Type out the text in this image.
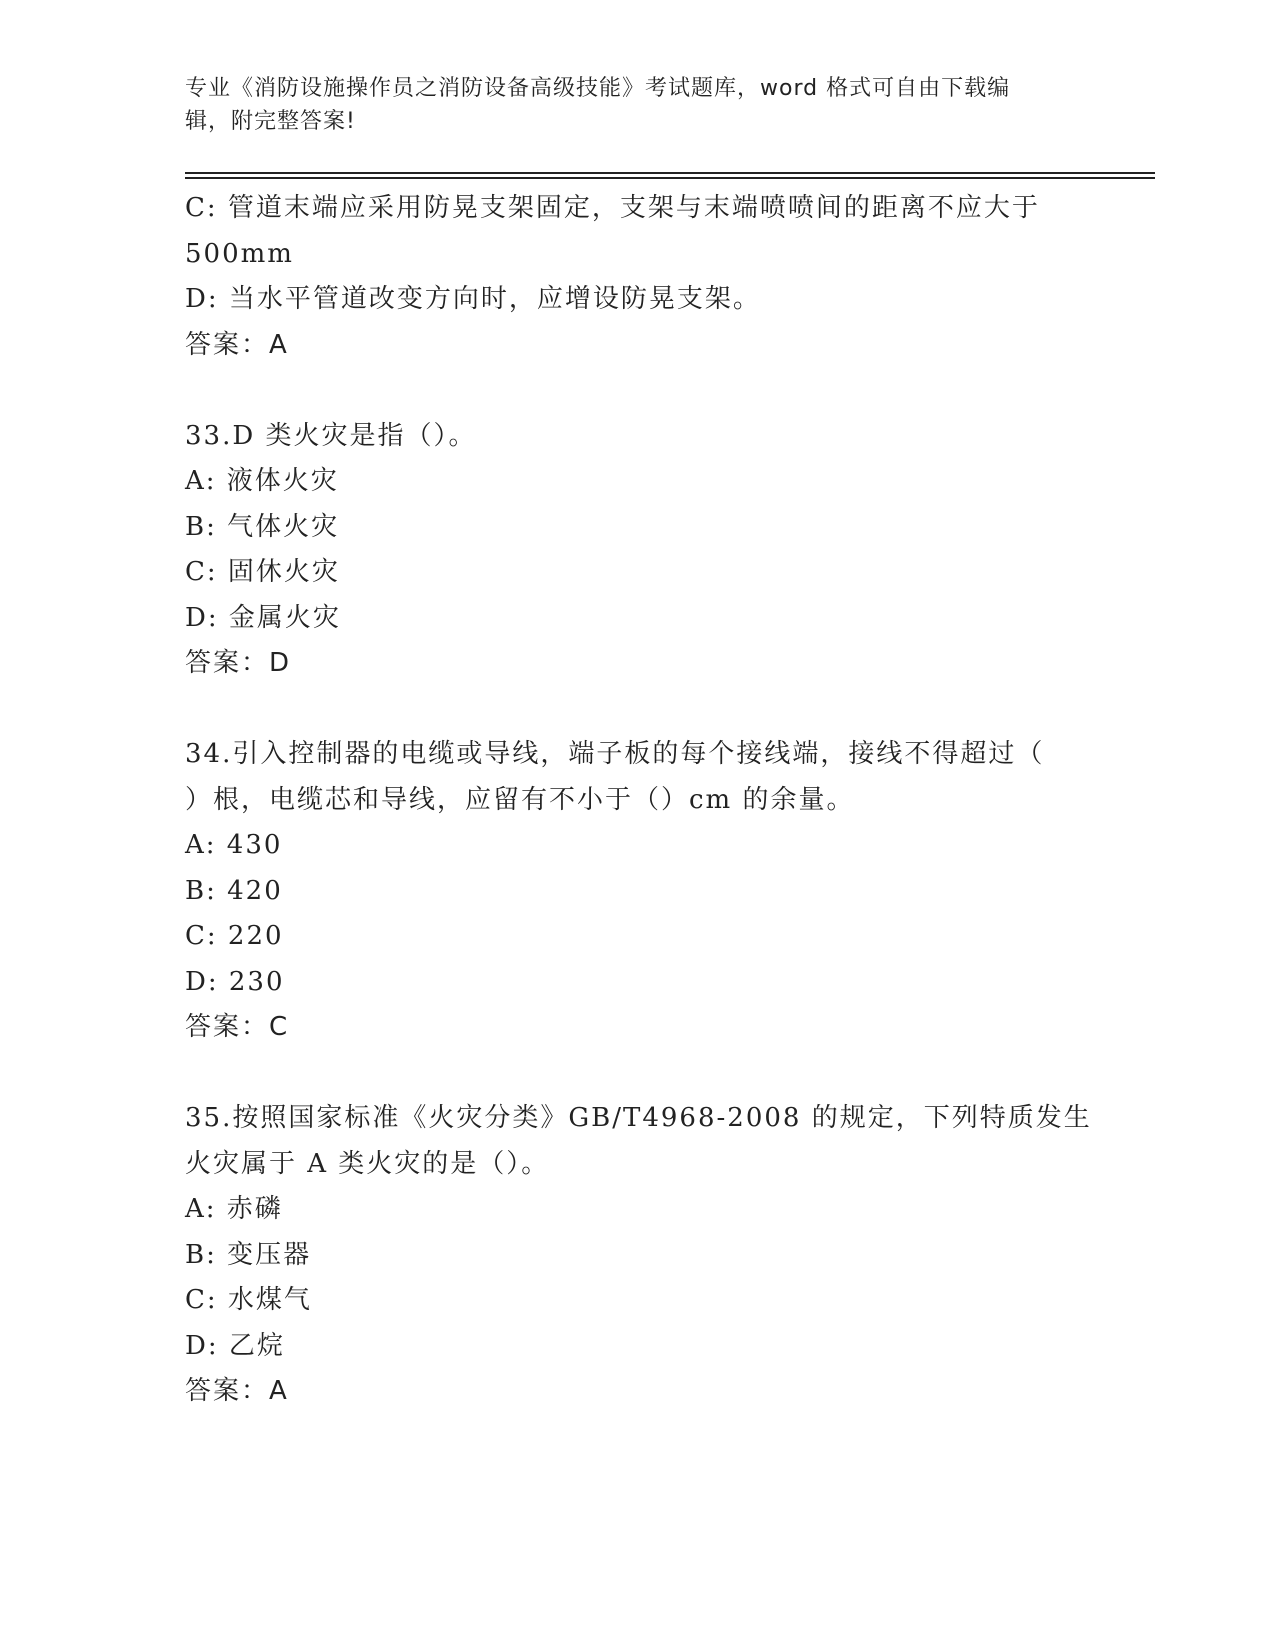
专业《消防设施操作员之消防设备高级技能》考试题库，word 格式可自由下载编
辑，附完整答案!
C: 管道末端应采用防晃支架固定，支架与末端喷喷间的距离不应大于
500mm
D: 当水平管道改变方向时，应增设防晃支架。
答案：A
33.D 类火灾是指（）。
A: 液体火灾
B: 气体火灾
C: 固休火灾
D: 金属火灾
答案：D
34.引入控制器的电缆或导线，端子板的每个接线端，接线不得超过（
）根，电缆芯和导线，应留有不小于（）cm 的余量。
A: 430
B: 420
C: 220
D: 230
答案：C
35.按照国家标准《火灾分类》GB/T4968-2008 的规定，下列特质发生
火灾属于 A 类火灾的是（）。
A: 赤磷
B: 变压器
C: 水煤气
D: 乙烷
答案：A
